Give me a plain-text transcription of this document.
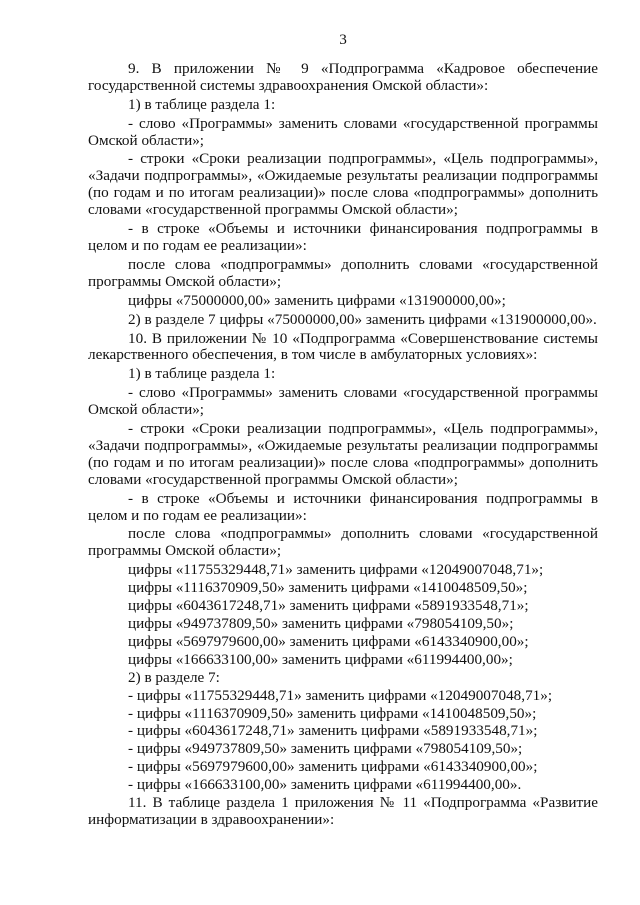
3

9. В приложении № 9 «Подпрограмма «Кадровое обеспечение государственной системы здравоохранения Омской области»:

1) в таблице раздела 1:

- слово «Программы» заменить словами «государственной программы Омской области»;

- строки «Сроки реализации подпрограммы», «Цель подпрограммы», «Задачи подпрограммы», «Ожидаемые результаты реализации подпрограммы (по годам и по итогам реализации)» после слова «подпрограммы» дополнить словами «государственной программы Омской области»;

- в строке «Объемы и источники финансирования подпрограммы в целом и по годам ее реализации»:

после слова «подпрограммы» дополнить словами «государственной программы Омской области»;

цифры «75000000,00» заменить цифрами «131900000,00»;

2) в разделе 7 цифры «75000000,00» заменить цифрами «131900000,00».

10. В приложении № 10 «Подпрограмма «Совершенствование системы лекарственного обеспечения, в том числе в амбулаторных условиях»:

1) в таблице раздела 1:

- слово «Программы» заменить словами «государственной программы Омской области»;

- строки «Сроки реализации подпрограммы», «Цель подпрограммы», «Задачи подпрограммы», «Ожидаемые результаты реализации подпрограммы (по годам и по итогам реализации)» после слова «подпрограммы» дополнить словами «государственной программы Омской области»;

- в строке «Объемы и источники финансирования подпрограммы в целом и по годам ее реализации»:

после слова «подпрограммы» дополнить словами «государственной программы Омской области»;

цифры «11755329448,71» заменить цифрами «12049007048,71»;

цифры «1116370909,50» заменить цифрами «1410048509,50»;

цифры «6043617248,71» заменить цифрами «5891933548,71»;

цифры «949737809,50» заменить цифрами «798054109,50»;

цифры «5697979600,00» заменить цифрами «6143340900,00»;

цифры «166633100,00» заменить цифрами «611994400,00»;

2) в разделе 7:

- цифры «11755329448,71» заменить цифрами «12049007048,71»;

- цифры «1116370909,50» заменить цифрами «1410048509,50»;

- цифры «6043617248,71» заменить цифрами «5891933548,71»;

- цифры «949737809,50» заменить цифрами «798054109,50»;

- цифры «5697979600,00» заменить цифрами «6143340900,00»;

- цифры «166633100,00» заменить цифрами «611994400,00».

11. В таблице раздела 1 приложения № 11 «Подпрограмма «Развитие информатизации в здравоохранении»:
